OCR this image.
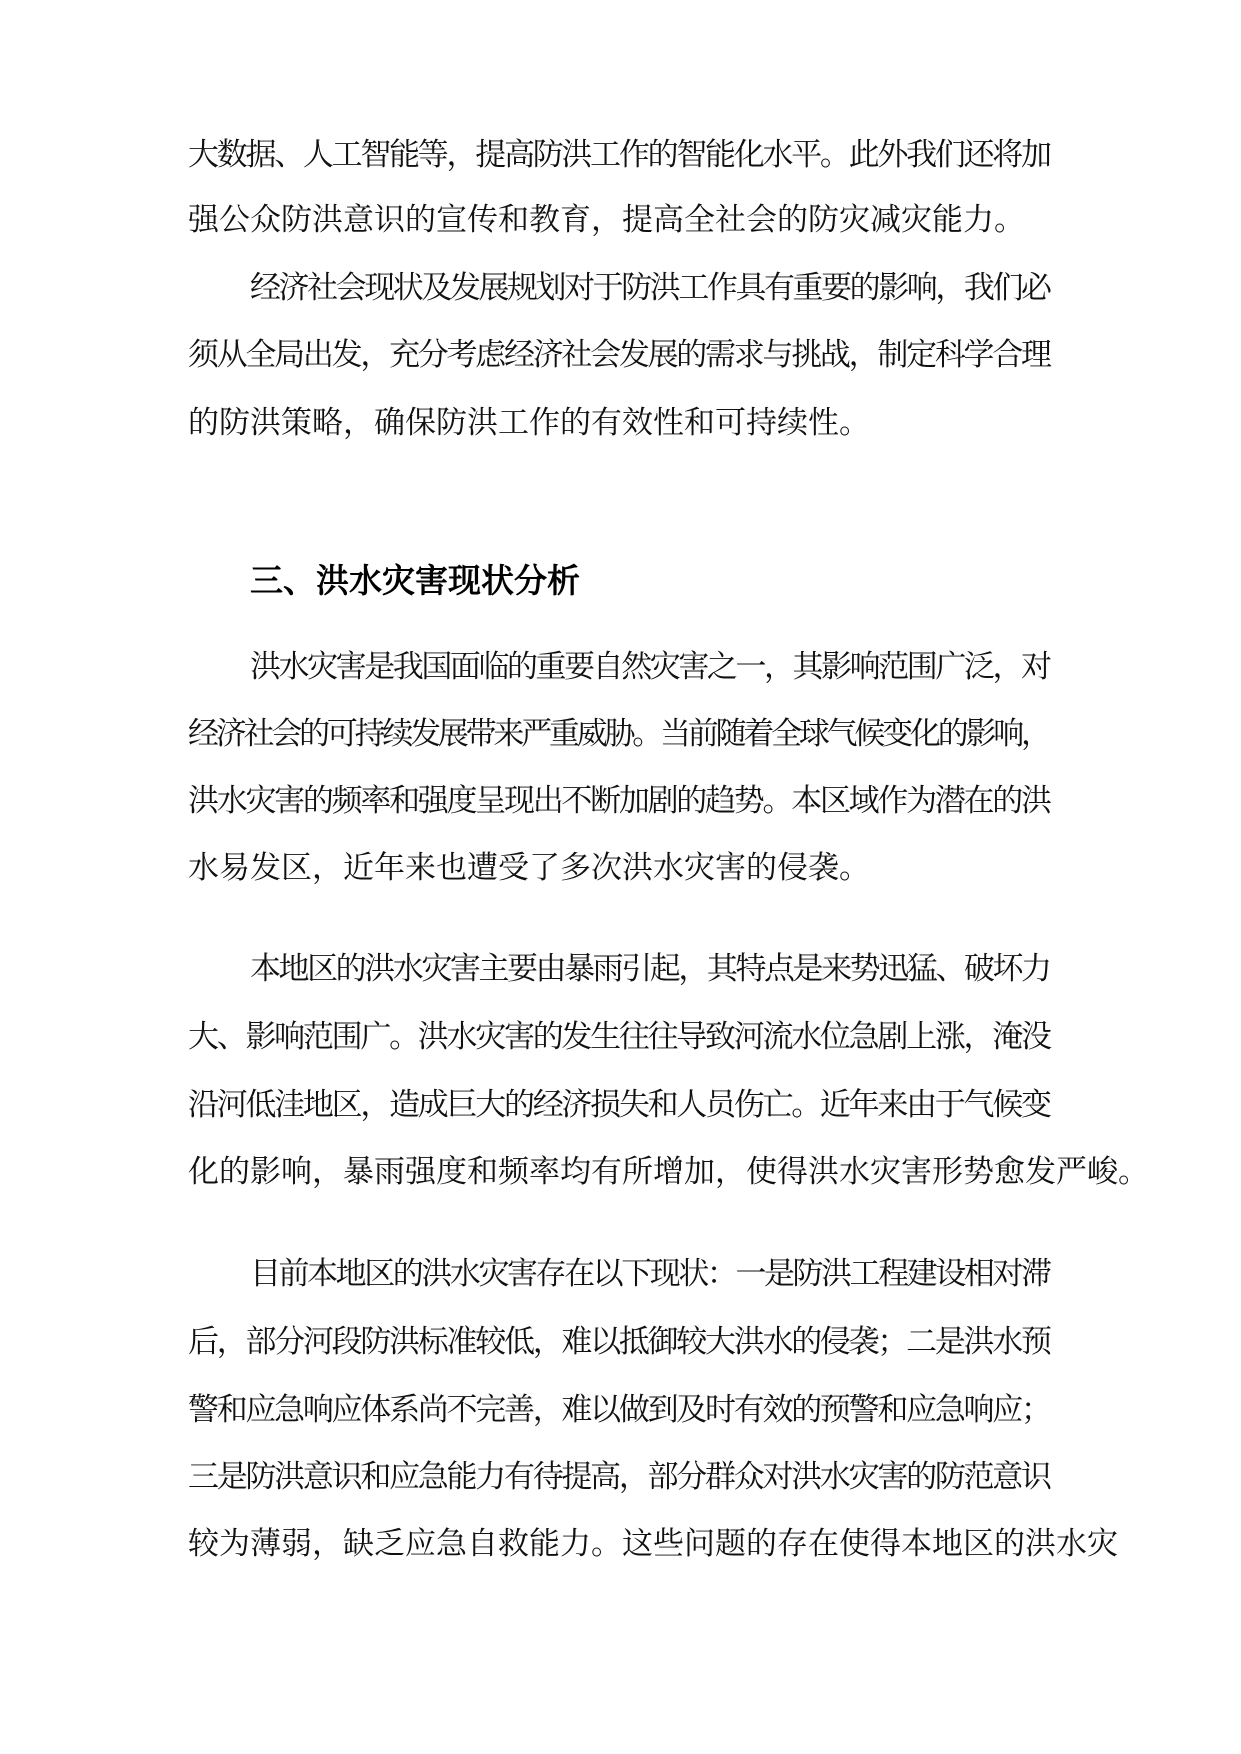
大数据、人工智能等，提高防洪工作的智能化水平。此外我们还将加
强公众防洪意识的宣传和教育，提高全社会的防灾减灾能力。
经济社会现状及发展规划对于防洪工作具有重要的影响，我们必
须从全局出发，充分考虑经济社会发展的需求与挑战，制定科学合理
的防洪策略，确保防洪工作的有效性和可持续性。
三、洪水灾害现状分析
洪水灾害是我国面临的重要自然灾害之一，其影响范围广泛，对
经济社会的可持续发展带来严重威胁。当前随着全球气候变化的影响，
洪水灾害的频率和强度呈现出不断加剧的趋势。本区域作为潜在的洪
水易发区，近年来也遭受了多次洪水灾害的侵袭。
本地区的洪水灾害主要由暴雨引起，其特点是来势迅猛、破坏力
大、影响范围广。洪水灾害的发生往往导致河流水位急剧上涨，淹没
沿河低洼地区，造成巨大的经济损失和人员伤亡。近年来由于气候变
化的影响，暴雨强度和频率均有所增加，使得洪水灾害形势愈发严峻。
目前本地区的洪水灾害存在以下现状：一是防洪工程建设相对滞
后，部分河段防洪标准较低，难以抵御较大洪水的侵袭；二是洪水预
警和应急响应体系尚不完善，难以做到及时有效的预警和应急响应；
三是防洪意识和应急能力有待提高，部分群众对洪水灾害的防范意识
较为薄弱，缺乏应急自救能力。这些问题的存在使得本地区的洪水灾
